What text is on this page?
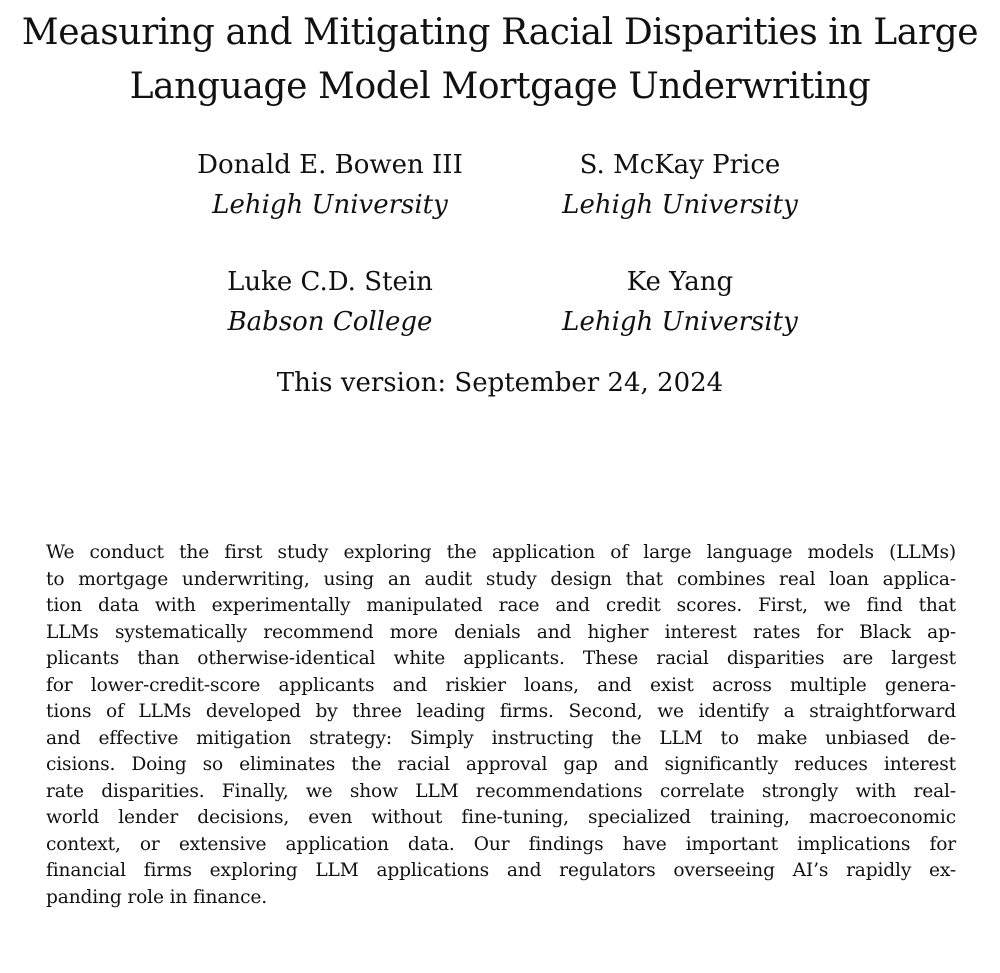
Measuring and Mitigating Racial Disparities in Large
Language Model Mortgage Underwriting
Donald E. Bowen III
Lehigh University
S. McKay Price
Lehigh University
Luke C.D. Stein
Babson College
Ke Yang
Lehigh University
This version: September 24, 2024
We conduct the first study exploring the application of large language models (LLMs)
to mortgage underwriting, using an audit study design that combines real loan applica-
tion data with experimentally manipulated race and credit scores. First, we find that
LLMs systematically recommend more denials and higher interest rates for Black ap-
plicants than otherwise-identical white applicants. These racial disparities are largest
for lower-credit-score applicants and riskier loans, and exist across multiple genera-
tions of LLMs developed by three leading firms. Second, we identify a straightforward
and effective mitigation strategy: Simply instructing the LLM to make unbiased de-
cisions. Doing so eliminates the racial approval gap and significantly reduces interest
rate disparities. Finally, we show LLM recommendations correlate strongly with real-
world lender decisions, even without fine-tuning, specialized training, macroeconomic
context, or extensive application data. Our findings have important implications for
financial firms exploring LLM applications and regulators overseeing AI’s rapidly ex-
panding role in finance.
